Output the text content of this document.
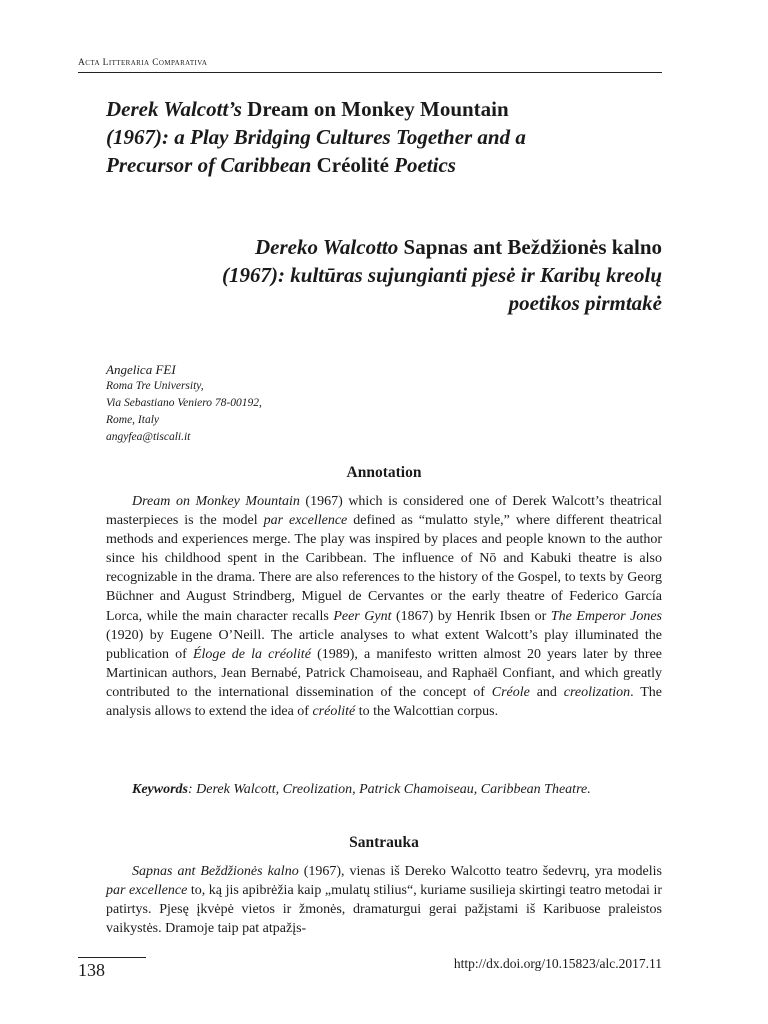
Acta Litteraria Comparativa
Derek Walcott’s Dream on Monkey Mountain (1967): a Play Bridging Cultures Together and a Precursor of Caribbean Créolité Poetics
Dereko Walcotto Sapnas ant Beždžionės kalno (1967): kultūras sujungianti pjesė ir Karibų kreolų poetikos pirmtakė
Angelica FEI
Roma Tre University,
Via Sebastiano Veniero 78-00192,
Rome, Italy
angyfea@tiscali.it
Annotation

Dream on Monkey Mountain (1967) which is considered one of Derek Walcott’s theatrical masterpieces is the model par excellence defined as “mulatto style,” where different theatrical methods and experiences merge. The play was inspired by places and people known to the author since his childhood spent in the Caribbean. The influence of Nō and Kabuki theatre is also recognizable in the drama. There are also references to the history of the Gospel, to texts by Georg Büchner and August Strindberg, Miguel de Cervantes or the early theatre of Federico García Lorca, while the main character recalls Peer Gynt (1867) by Henrik Ibsen or The Emperor Jones (1920) by Eugene O’Neill. The article analyses to what extent Walcott’s play illuminated the publication of Éloge de la créolité (1989), a manifesto written almost 20 years later by three Martinican authors, Jean Bernabé, Patrick Chamoiseau, and Raphaël Confiant, and which greatly contributed to the international dissemination of the concept of Créole and creolization. The analysis allows to extend the idea of créolité to the Walcottian corpus.

Keywords: Derek Walcott, Creolization, Patrick Chamoiseau, Caribbean Theatre.
Santrauka

Sapnas ant Beždžionės kalno (1967), vienas iš Dereko Walcotto teatro šedevrų, yra modelis par excellence to, ką jis apibrėžia kaip „mulatų stilius“, kuriame susilieja skirtingi teatro metodai ir patirtys. Pjesę įkvėpė vietos ir žmonės, dramaturgui gerai pažįstami iš Karibuose praleistos vaikystės. Dramoje taip pat atpažįs-

138	http://dx.doi.org/10.15823/alc.2017.11
